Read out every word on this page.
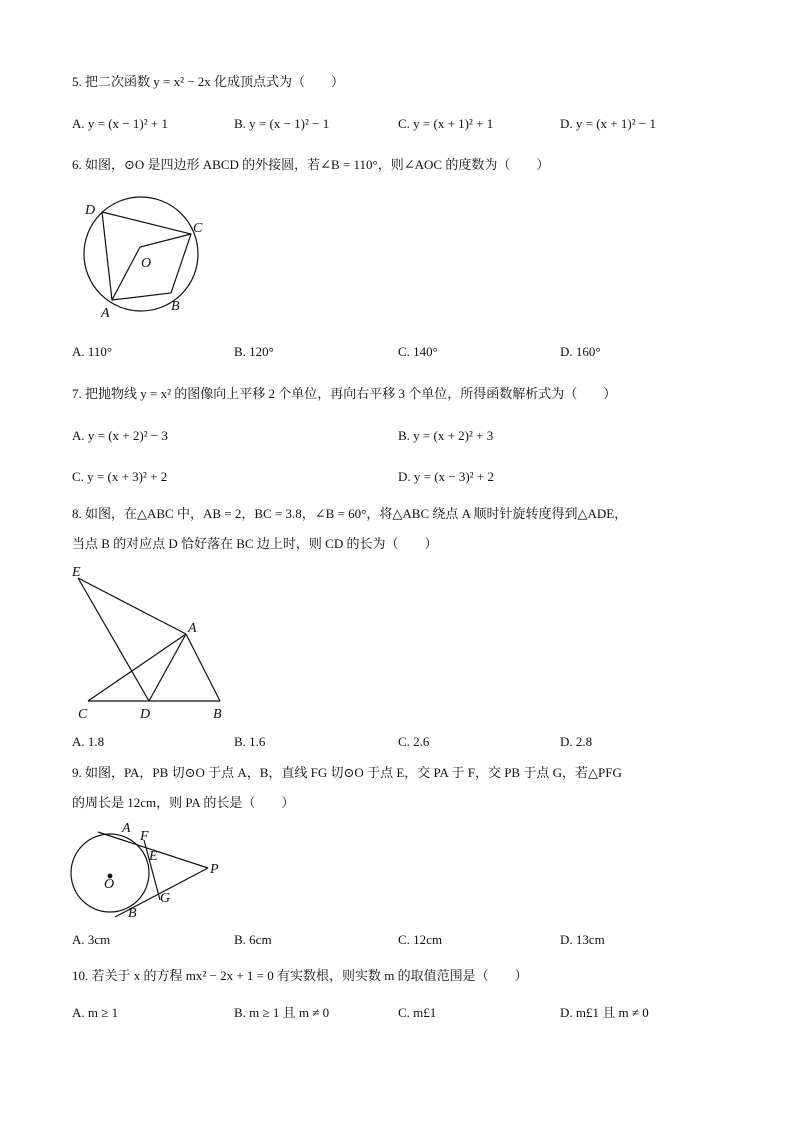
5. 把二次函数 y = x² − 2x 化成顶点式为（　　）
A. y = (x − 1)² + 1	B. y = (x − 1)² − 1	C. y = (x + 1)² + 1	D. y = (x + 1)² − 1
6. 如图，⊙O 是四边形 ABCD 的外接圆，若∠B = 110°，则∠AOC 的度数为（　　）
D
C
O
A	B
A. 110°	B. 120°	C. 140°	D. 160°
7. 把抛物线 y = x² 的图像向上平移 2 个单位，再向右平移 3 个单位，所得函数解析式为（　　）
A. y = (x + 2)² − 3	B. y = (x + 2)² + 3
C. y = (x + 3)² + 2	D. y = (x − 3)² + 2
8. 如图，在△ABC 中，AB = 2，BC = 3.8，∠B = 60°，将△ABC 绕点 A 顺时针旋转度得到△ADE，
当点 B 的对应点 D 恰好落在 BC 边上时，则 CD 的长为（　　）
E
A
C	D	B
A. 1.8	B. 1.6	C. 2.6	D. 2.8
9. 如图，PA，PB 切⊙O 于点 A，B，直线 FG 切⊙O 于点 E，交 PA 于 F，交 PB 于点 G，若△PFG
的周长是 12cm，则 PA 的长是（　　）
A
F
E
P
O
G
B
A. 3cm	B. 6cm	C. 12cm	D. 13cm
10. 若关于 x 的方程 mx² − 2x + 1 = 0 有实数根，则实数 m 的取值范围是（　　）
A. m ≥ 1	B. m ≥ 1 且 m ≠ 0	C. m£1	D. m£1 且 m ≠ 0
